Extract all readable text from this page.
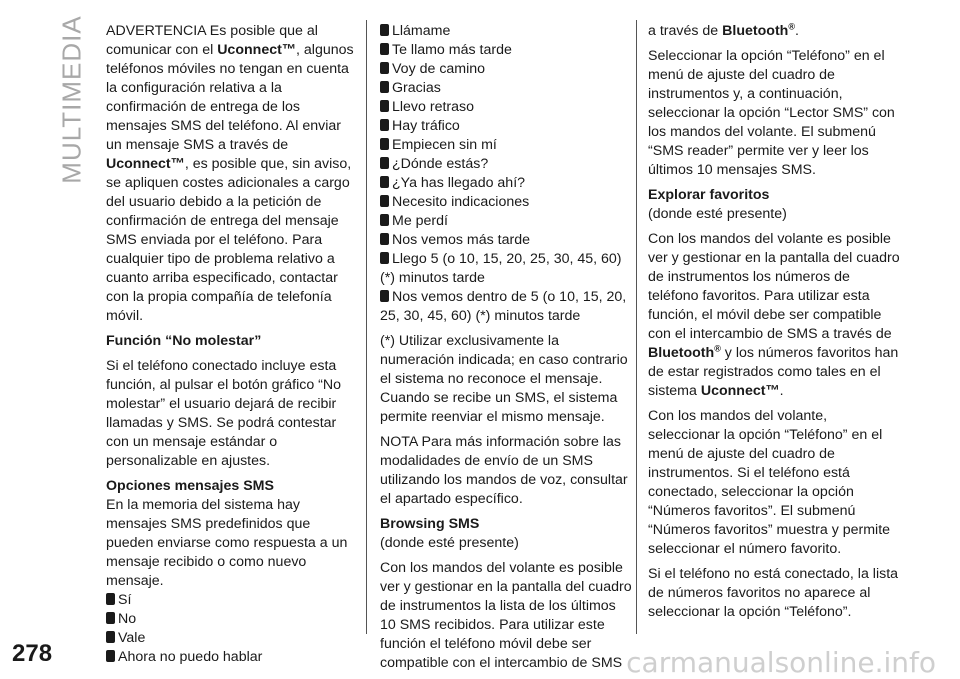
MULTIMEDIA ADVERTENCIA Es posible que al comunicar con el Uconnect™, algunos teléfonos móviles no tengan en cuenta la configuración relativa a la confirmación de entrega de los mensajes SMS del teléfono. Al enviar un mensaje SMS a través de Uconnect™, es posible que, sin aviso, se apliquen costes adicionales a cargo del usuario debido a la petición de confirmación de entrega del mensaje SMS enviada por el teléfono. Para cualquier tipo de problema relativo a cuanto arriba especificado, contactar con la propia compañía de telefonía móvil.

Función “No molestar”

Si el teléfono conectado incluye esta función, al pulsar el botón gráfico “No molestar” el usuario dejará de recibir llamadas y SMS. Se podrá contestar con un mensaje estándar o personalizable en ajustes.

Opciones mensajes SMS

En la memoria del sistema hay mensajes SMS predefinidos que pueden enviarse como respuesta a un mensaje recibido o como nuevo mensaje.

Sí
No
Vale
Ahora no puedo hablar
Llámame
Te llamo más tarde
Voy de camino
Gracias
Llevo retraso
Hay tráfico
Empiecen sin mí
¿Dónde estás?
¿Ya has llegado ahí?
Necesito indicaciones
Me perdí
Nos vemos más tarde
Llego 5 (o 10, 15, 20, 25, 30, 45, 60) (*) minutos tarde
Nos vemos dentro de 5 (o 10, 15, 20, 25, 30, 45, 60) (*) minutos tarde

(*) Utilizar exclusivamente la numeración indicada; en caso contrario el sistema no reconoce el mensaje. Cuando se recibe un SMS, el sistema permite reenviar el mismo mensaje.

NOTA Para más información sobre las modalidades de envío de un SMS utilizando los mandos de voz, consultar el apartado específico.

Browsing SMS

(donde esté presente)

Con los mandos del volante es posible ver y gestionar en la pantalla del cuadro de instrumentos la lista de los últimos 10 SMS recibidos. Para utilizar este función el teléfono móvil debe ser compatible con el intercambio de SMS

a través de Bluetooth®.

Seleccionar la opción “Teléfono” en el menú de ajuste del cuadro de instrumentos y, a continuación, seleccionar la opción “Lector SMS” con los mandos del volante. El submenú “SMS reader” permite ver y leer los últimos 10 mensajes SMS.

Explorar favoritos

(donde esté presente)

Con los mandos del volante es posible ver y gestionar en la pantalla del cuadro de instrumentos los números de teléfono favoritos. Para utilizar esta función, el móvil debe ser compatible con el intercambio de SMS a través de Bluetooth® y los números favoritos han de estar registrados como tales en el sistema Uconnect™.

Con los mandos del volante, seleccionar la opción “Teléfono” en el menú de ajuste del cuadro de instrumentos. Si el teléfono está conectado, seleccionar la opción “Números favoritos”. El submenú “Números favoritos” muestra y permite seleccionar el número favorito.

Si el teléfono no está conectado, la lista de números favoritos no aparece al seleccionar la opción “Teléfono”.

278	carmanualsonline.info
